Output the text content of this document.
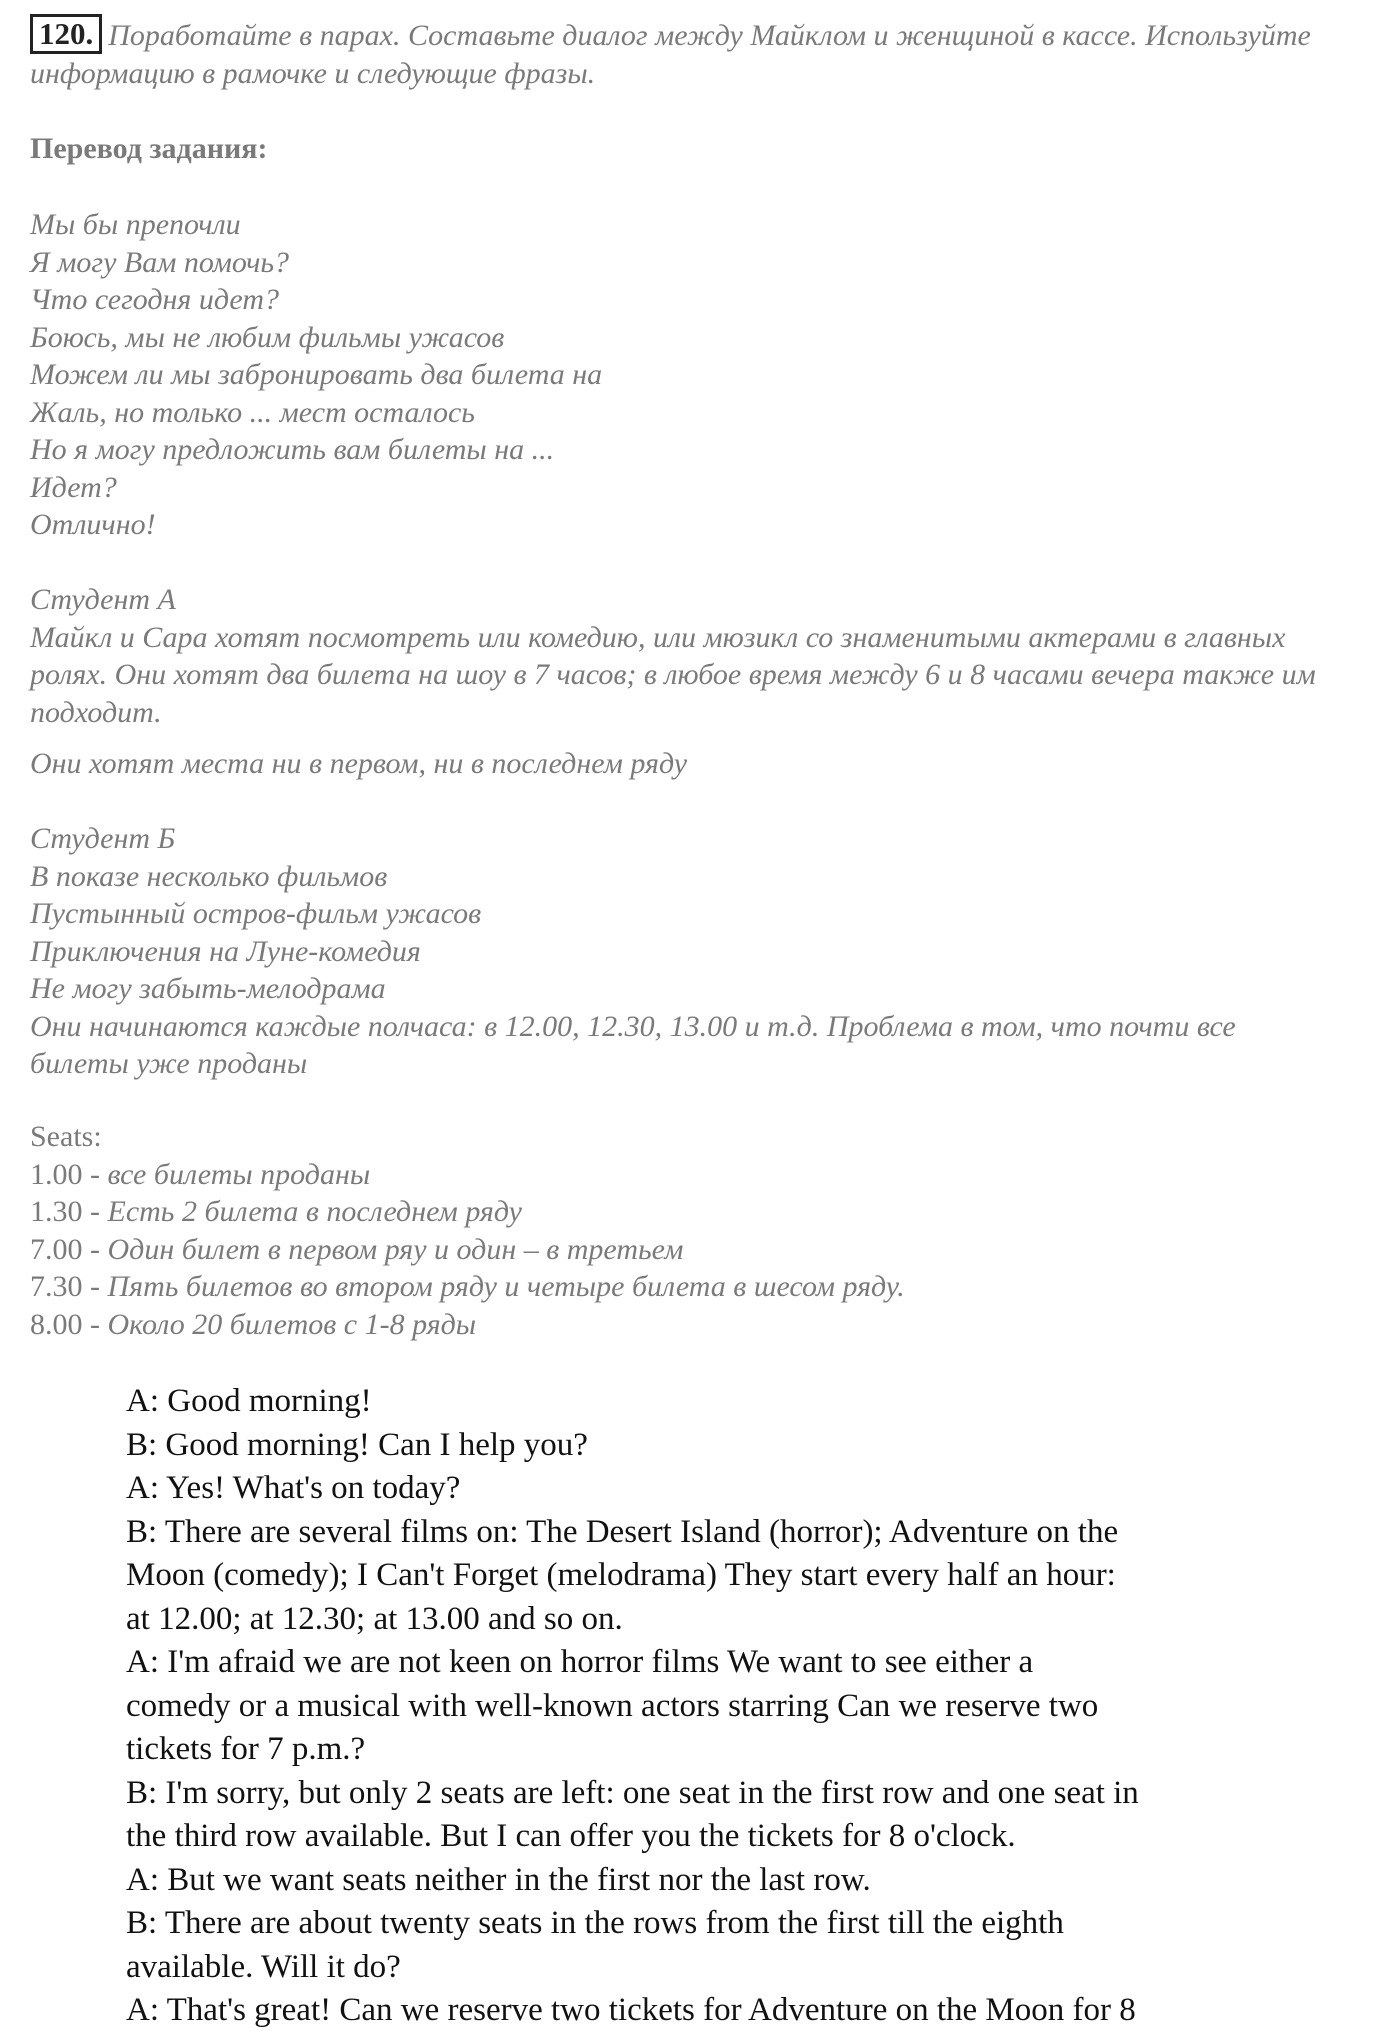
120. Поработайте в парах. Составьте диалог между Майклом и женщиной в кассе. Используйте информацию в рамочке и следующие фразы.
Перевод задания:
Мы бы препочли
Я могу Вам помочь?
Что сегодня идет?
Боюсь, мы не любим фильмы ужасов
Можем ли мы забронировать два билета на
Жаль, но только ... мест осталось
Но я могу предложить вам билеты на ...
Идет?
Отлично!
Студент А
Майкл и Сара хотят посмотреть или комедию, или мюзикл со знаменитыми актерами в главных ролях. Они хотят два билета на шоу в 7 часов; в любое время между 6 и 8 часами вечера также им подходит.
Они хотят места ни в первом, ни в последнем ряду
Студент Б
В показе несколько фильмов
Пустынный остров-фильм ужасов
Приключения на Луне-комедия
Не могу забыть-мелодрама
Они начинаются каждые полчаса: в 12.00, 12.30, 13.00 и т.д. Проблема в том, что почти все билеты уже проданы
Seats:
1.00 - все билеты проданы
1.30 - Есть 2 билета в последнем ряду
7.00 - Один билет в первом ряу и один – в третьем
7.30 - Пять билетов во втором ряду и четыре билета в шесом ряду.
8.00 - Около 20 билетов с 1-8 ряды
A: Good morning!
B: Good morning! Can I help you?
A: Yes! What's on today?
B: There are several films on: The Desert Island (horror); Adventure on the
Moon (comedy); I Can't Forget (melodrama) They start every half an hour:
at 12.00; at 12.30; at 13.00 and so on.
A: I'm afraid we are not keen on horror films We want to see either a
comedy or a musical with well-known actors starring Can we reserve two
tickets for 7 p.m.?
B: I'm sorry, but only 2 seats are left: one seat in the first row and one seat in
the third row available. But I can offer you the tickets for 8 o'clock.
A: But we want seats neither in the first nor the last row.
B: There are about twenty seats in the rows from the first till the eighth
available. Will it do?
A: That's great! Can we reserve two tickets for Adventure on the Moon for 8
